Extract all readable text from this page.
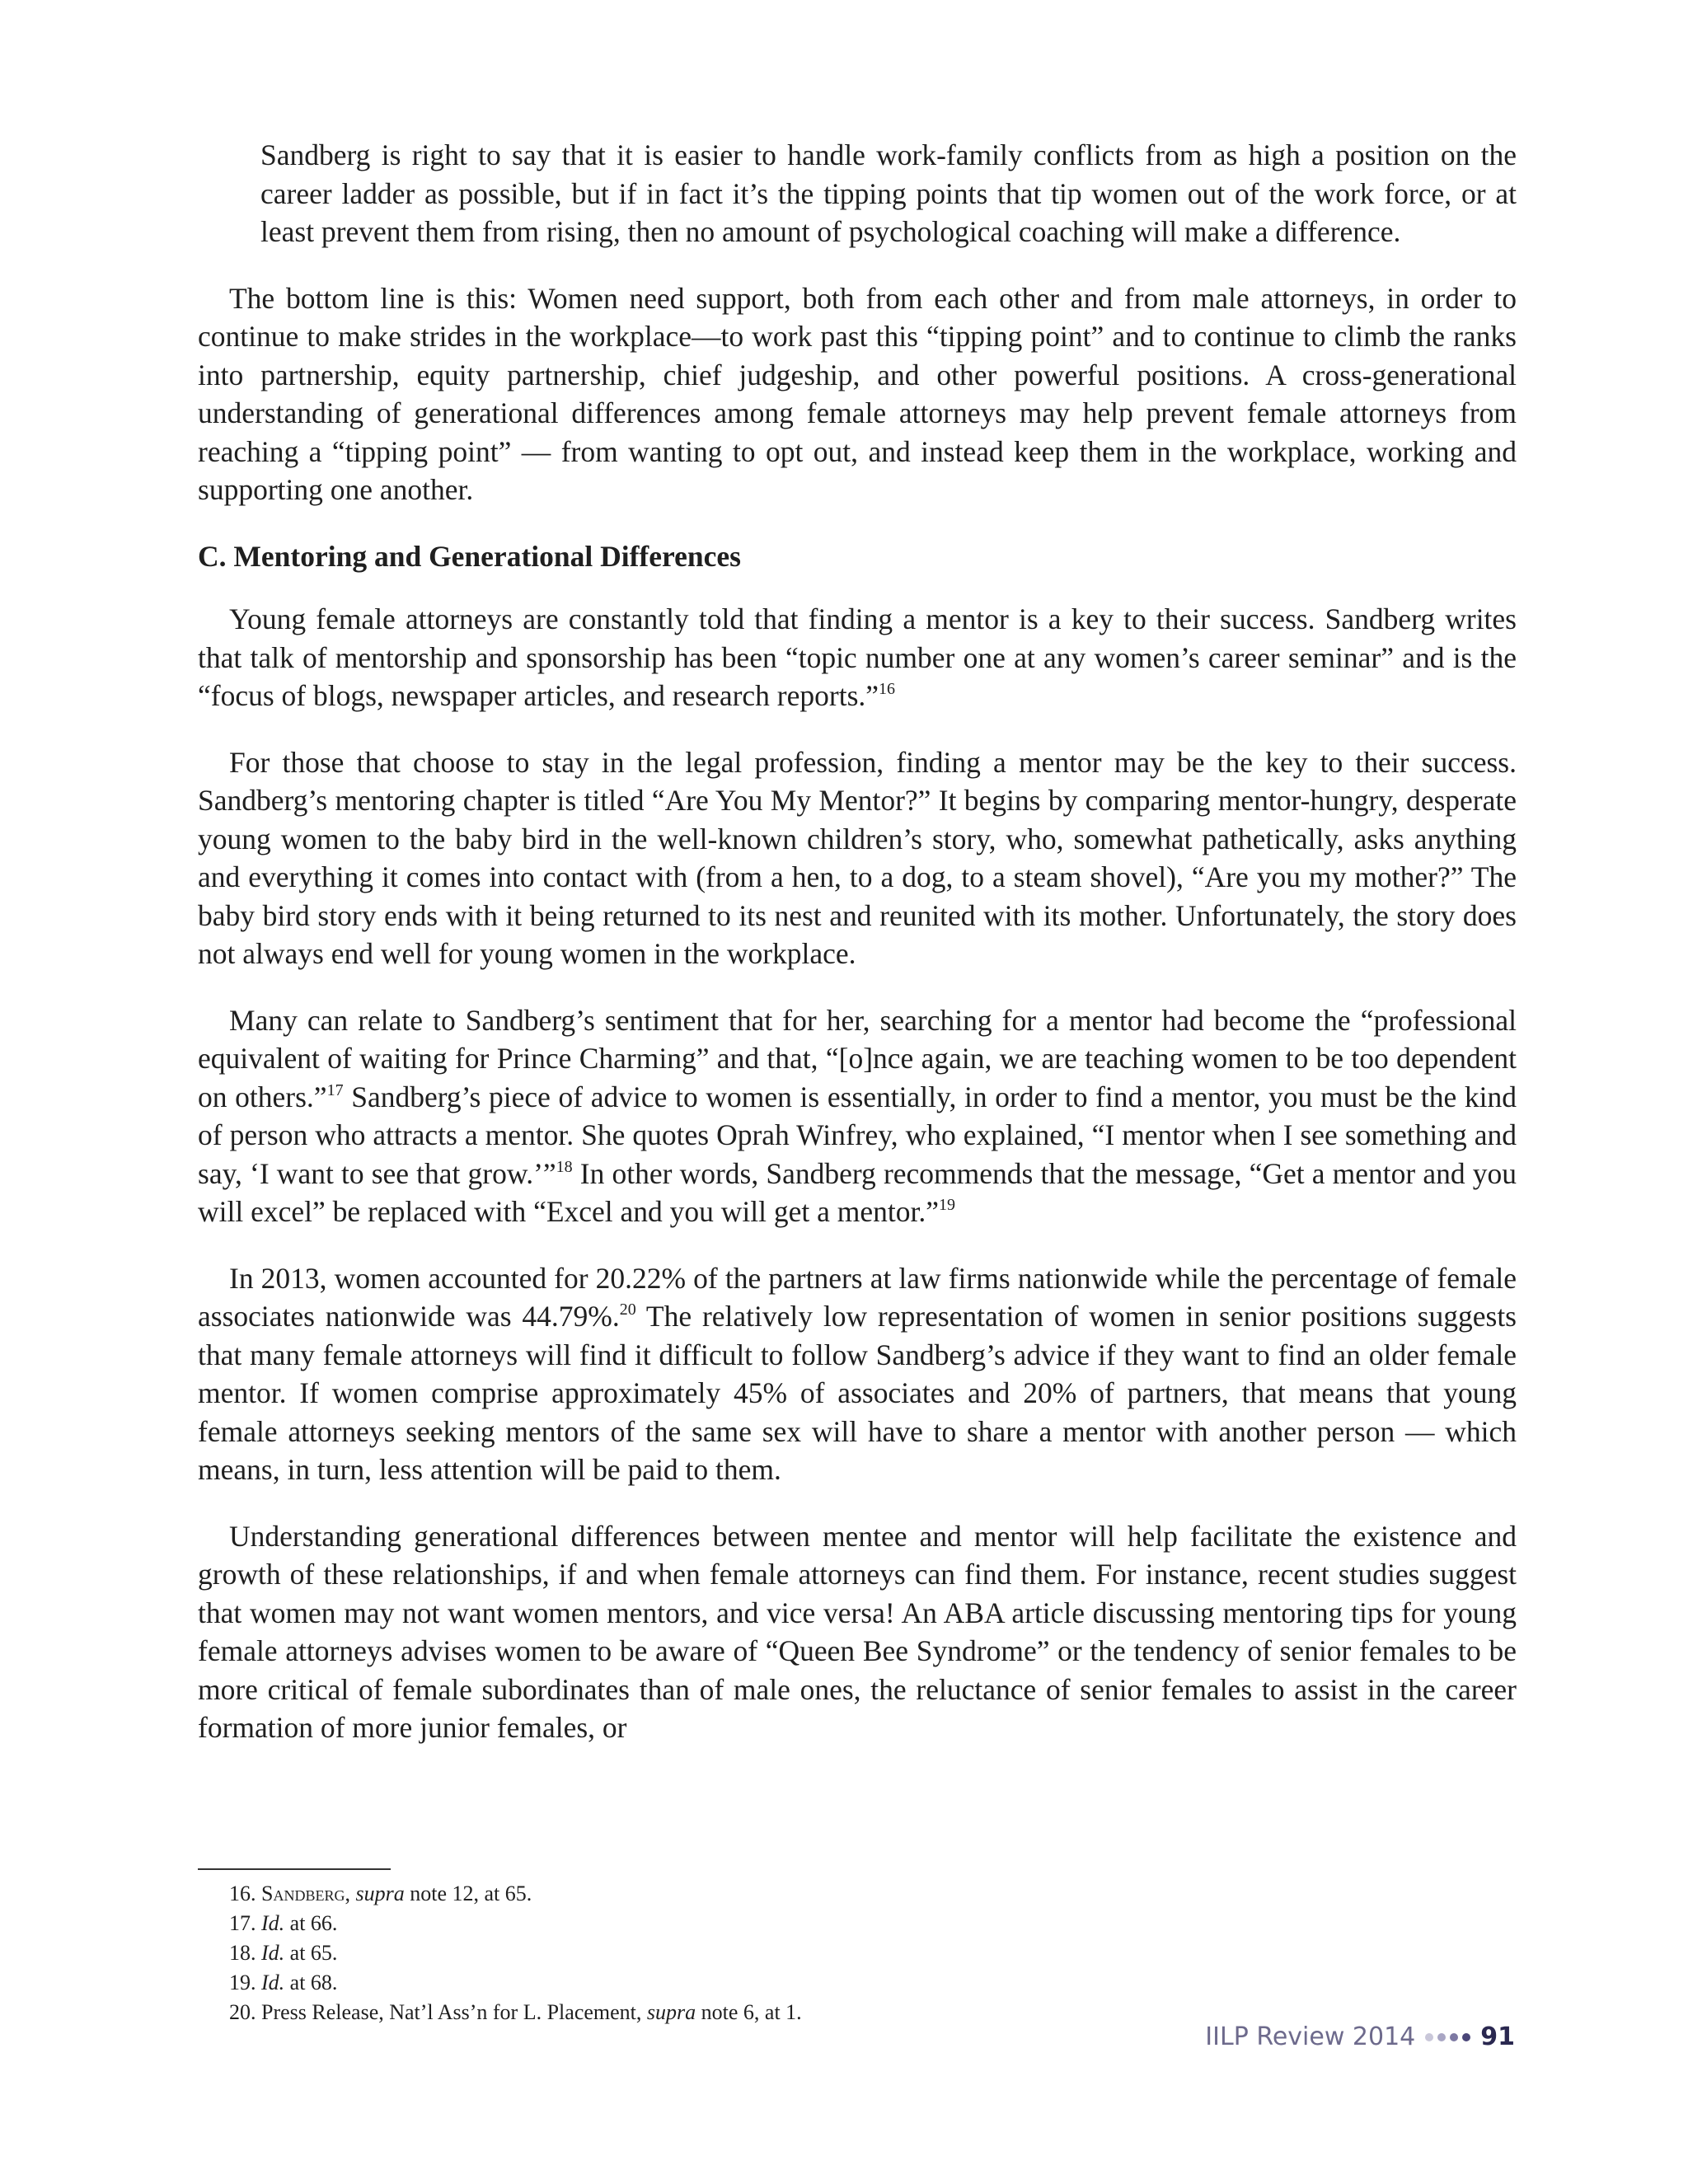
Sandberg is right to say that it is easier to handle work-family conflicts from as high a position on the career ladder as possible, but if in fact it’s the tipping points that tip women out of the work force, or at least prevent them from rising, then no amount of psychological coaching will make a difference.

The bottom line is this: Women need support, both from each other and from male attorneys, in order to continue to make strides in the workplace—to work past this “tipping point” and to continue to climb the ranks into partnership, equity partnership, chief judgeship, and other powerful positions. A cross-generational understanding of generational differences among female attorneys may help prevent female attorneys from reaching a “tipping point” — from wanting to opt out, and instead keep them in the workplace, working and supporting one another.

C. Mentoring and Generational Differences

Young female attorneys are constantly told that finding a mentor is a key to their success. Sandberg writes that talk of mentorship and sponsorship has been “topic number one at any women’s career seminar” and is the “focus of blogs, newspaper articles, and research reports.”$^{16}$

For those that choose to stay in the legal profession, finding a mentor may be the key to their success. Sandberg’s mentoring chapter is titled “Are You My Mentor?” It begins by comparing mentor-hungry, desperate young women to the baby bird in the well-known children’s story, who, somewhat pathetically, asks anything and everything it comes into contact with (from a hen, to a dog, to a steam shovel), “Are you my mother?” The baby bird story ends with it being returned to its nest and reunited with its mother. Unfortunately, the story does not always end well for young women in the workplace.

Many can relate to Sandberg’s sentiment that for her, searching for a mentor had become the “professional equivalent of waiting for Prince Charming” and that, “[o]nce again, we are teaching women to be too dependent on others.”$^{17}$ Sandberg’s piece of advice to women is essentially, in order to find a mentor, you must be the kind of person who attracts a mentor. She quotes Oprah Winfrey, who explained, “I mentor when I see something and say, ‘I want to see that grow.’”$^{18}$ In other words, Sandberg recommends that the message, “Get a mentor and you will excel” be replaced with “Excel and you will get a mentor.”$^{19}$

In 2013, women accounted for 20.22% of the partners at law firms nationwide while the percentage of female associates nationwide was 44.79%.$^{20}$ The relatively low representation of women in senior positions suggests that many female attorneys will find it difficult to follow Sandberg’s advice if they want to find an older female mentor. If women comprise approximately 45% of associates and 20% of partners, that means that young female attorneys seeking mentors of the same sex will have to share a mentor with another person — which means, in turn, less attention will be paid to them.

Understanding generational differences between mentee and mentor will help facilitate the existence and growth of these relationships, if and when female attorneys can find them. For instance, recent studies suggest that women may not want women mentors, and vice versa! An ABA article discussing mentoring tips for young female attorneys advises women to be aware of “Queen Bee Syndrome” or the tendency of senior females to be more critical of female subordinates than of male ones, the reluctance of senior females to assist in the career formation of more junior females, or

16. Sandberg, supra note 12, at 65.
17. Id. at 66.
18. Id. at 65.
19. Id. at 68.
20. Press Release, Nat’l Ass’n for L. Placement, supra note 6, at 1.
IILP Review 2014	91
